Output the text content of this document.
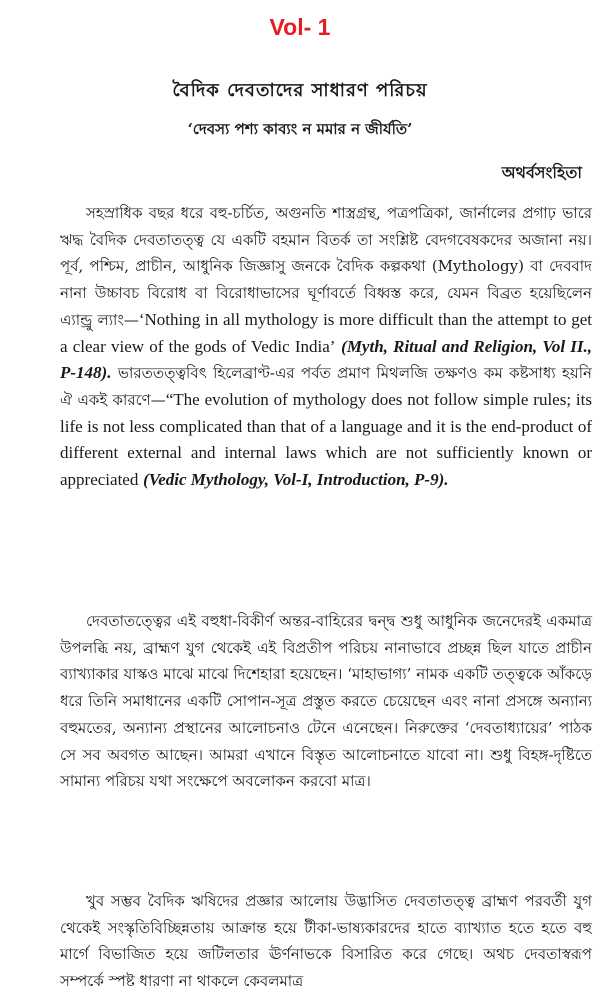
Vol- 1
বৈদিক দেবতাদের সাধারণ পরিচয়
‘দেবস্য পশ্য কাব্যং ন মমার ন জীর্যতি’
অথর্বসংহিতা

সহস্রাধিক বছর ধরে বহু-চর্চিত, অগুনতি শাস্ত্রগ্রন্থ, পত্রপত্রিকা, জার্নালের প্রগাঢ় ভারে ঋদ্ধ বৈদিক দেবতাতত্ত্ব যে একটি বহমান বিতর্ক তা সংশ্লিষ্ট বেদগবেষকদের অজানা নয়। পূর্ব, পশ্চিম, প্রাচীন, আধুনিক জিজ্ঞাসু জনকে বৈদিক কল্পকথা (Mythology) বা দেববাদ নানা উচ্চাবচ বিরোধ বা বিরোধাভাসের ঘূর্ণাবর্তে বিধ্বস্ত করে, যেমন বিব্রত হয়েছিলেন এ্যান্ড্রু ল্যাং—‘Nothing in all mythology is more difficult than the attempt to get a clear view of the gods of Vedic India’ (Myth, Ritual and Religion, Vol II., P-148). ভারততত্ত্ববিৎ হিলেব্রাণ্ট-এর পর্বত প্রমাণ মিথলজি তক্ষণও কম কষ্টসাধ্য হয়নি ঐ একই কারণে—“The evolution of mythology does not follow simple rules; its life is not less complicated than that of a language and it is the end-product of different external and internal laws which are not sufficiently known or appreciated (Vedic Mythology, Vol-I, Introduction, P-9).

দেবতাতত্ত্বের এই বহুধা-বিকীর্ণ অন্তর-বাহিরের দ্বন্দ্ব শুধু আধুনিক জনেদেরই একমাত্র উপলব্ধি নয়, ব্রাহ্মণ যুগ থেকেই এই বিপ্রতীপ পরিচয় নানাভাবে প্রচ্ছন্ন ছিল যাতে প্রাচীন ব্যাখ্যাকার যাস্কও মাঝে মাঝে দিশেহারা হয়েছেন। ‘মাহাভাগ্য’ নামক একটি তত্ত্বকে আঁকড়ে ধরে তিনি সমাধানের একটি সোপান-সূত্র প্রস্তুত করতে চেয়েছেন এবং নানা প্রসঙ্গে অন্যান্য বহুমতের, অন্যান্য প্রস্থানের আলোচনাও টেনে এনেছেন। নিরুক্তের ‘দেবতাধ্যায়ের’ পাঠক সে সব অবগত আছেন। আমরা এখানে বিস্তৃত আলোচনাতে যাবো না। শুধু বিহঙ্গ-দৃষ্টিতে সামান্য পরিচয় যথা সংক্ষেপে অবলোকন করবো মাত্র।

খুব সম্ভব বৈদিক ঋষিদের প্রজ্ঞার আলোয় উদ্ভাসিত দেবতাতত্ত্ব ব্রাহ্মণ পরবর্তী যুগ থেকেই সংস্কৃতিবিচ্ছিন্নতায় আক্রান্ত হয়ে টীকা-ভাষ্যকারদের হাতে ব্যাখ্যাত হতে হতে বহু মার্গে বিভাজিত হয়ে জটিলতার ঊর্ণনাভকে বিসারিত করে গেছে। অথচ দেবতাস্বরূপ সম্পর্কে স্পষ্ট ধারণা না থাকলে কেবলমাত্র
